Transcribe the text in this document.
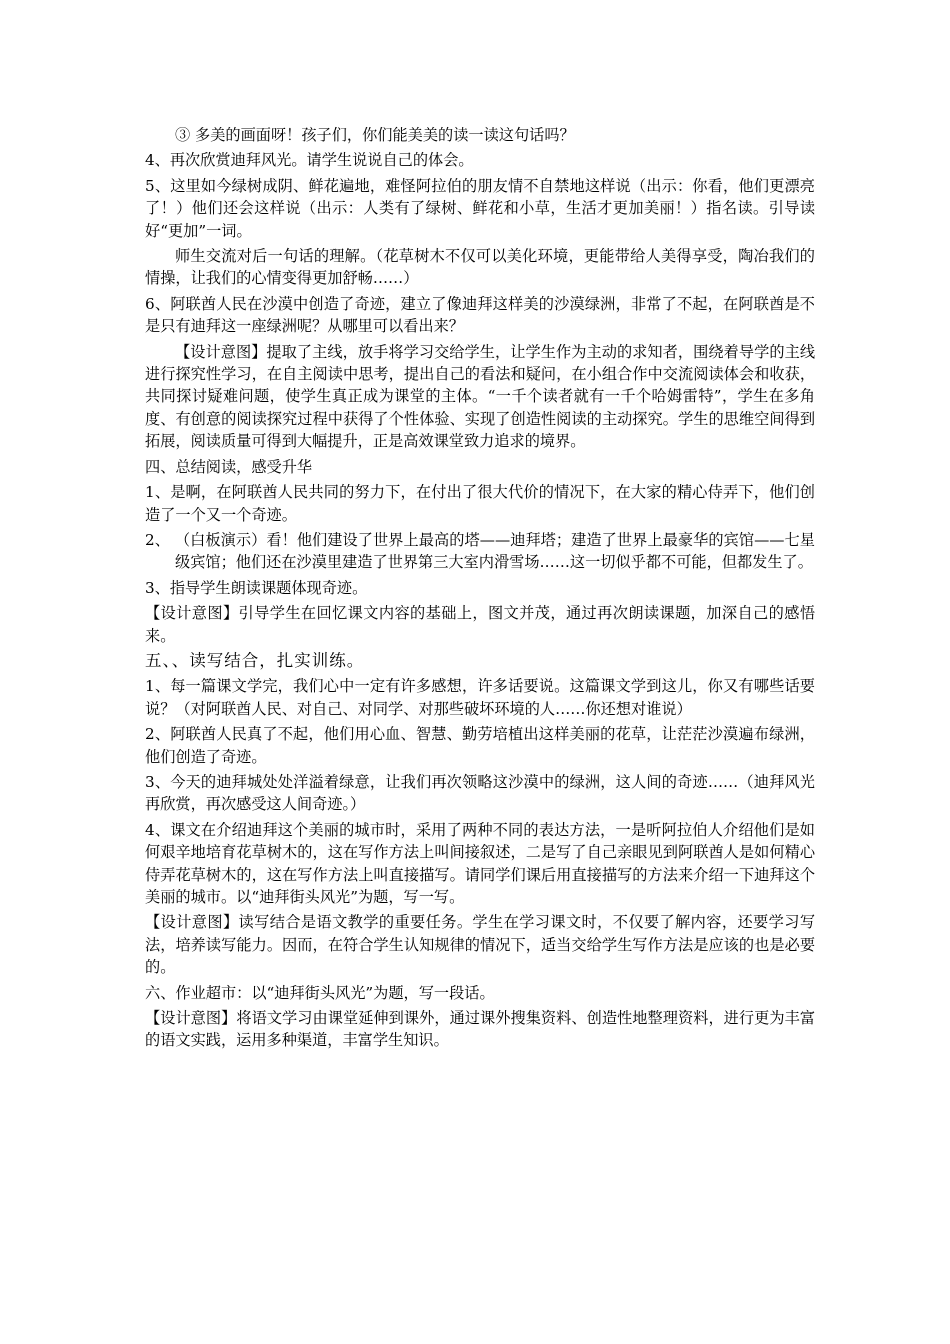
③ 多美的画面呀！孩子们，你们能美美的读一读这句话吗？

4、再次欣赏迪拜风光。请学生说说自己的体会。

5、这里如今绿树成阴、鲜花遍地，难怪阿拉伯的朋友情不自禁地这样说（出示：你看，他们更漂亮了！）他们还会这样说（出示：人类有了绿树、鲜花和小草，生活才更加美丽！）指名读。引导读好“更加”一词。

师生交流对后一句话的理解。（花草树木不仅可以美化环境，更能带给人美得享受，陶冶我们的情操，让我们的心情变得更加舒畅……）

6、阿联酋人民在沙漠中创造了奇迹，建立了像迪拜这样美的沙漠绿洲，非常了不起，在阿联酋是不是只有迪拜这一座绿洲呢？从哪里可以看出来？

【设计意图】提取了主线，放手将学习交给学生，让学生作为主动的求知者，围绕着导学的主线进行探究性学习，在自主阅读中思考，提出自己的看法和疑问，在小组合作中交流阅读体会和收获，共同探讨疑难问题，使学生真正成为课堂的主体。“一千个读者就有一千个哈姆雷特”，学生在多角度、有创意的阅读探究过程中获得了个性体验、实现了创造性阅读的主动探究。学生的思维空间得到拓展，阅读质量可得到大幅提升，正是高效课堂致力追求的境界。

四、总结阅读，感受升华

1、是啊，在阿联酋人民共同的努力下，在付出了很大代价的情况下，在大家的精心侍弄下，他们创造了一个又一个奇迹。

2、 （白板演示）看！他们建设了世界上最高的塔——迪拜塔；建造了世界上最豪华的宾馆——七星级宾馆；他们还在沙漠里建造了世界第三大室内滑雪场……这一切似乎都不可能，但都发生了。

3、指导学生朗读课题体现奇迹。

【设计意图】引导学生在回忆课文内容的基础上，图文并茂，通过再次朗读课题，加深自己的感悟来。

五、、读写结合，扎实训练。

1、每一篇课文学完，我们心中一定有许多感想，许多话要说。这篇课文学到这儿，你又有哪些话要说？（对阿联酋人民、对自己、对同学、对那些破坏环境的人……你还想对谁说）

2、阿联酋人民真了不起，他们用心血、智慧、勤劳培植出这样美丽的花草，让茫茫沙漠遍布绿洲，他们创造了奇迹。

3、今天的迪拜城处处洋溢着绿意，让我们再次领略这沙漠中的绿洲，这人间的奇迹……（迪拜风光再欣赏，再次感受这人间奇迹。）

4、课文在介绍迪拜这个美丽的城市时，采用了两种不同的表达方法，一是听阿拉伯人介绍他们是如何艰辛地培育花草树木的，这在写作方法上叫间接叙述，二是写了自己亲眼见到阿联酋人是如何精心侍弄花草树木的，这在写作方法上叫直接描写。请同学们课后用直接描写的方法来介绍一下迪拜这个美丽的城市。以“迪拜街头风光”为题，写一写。

【设计意图】读写结合是语文教学的重要任务。学生在学习课文时，不仅要了解内容，还要学习写法，培养读写能力。因而，在符合学生认知规律的情况下，适当交给学生写作方法是应该的也是必要的。

六、作业超市：以“迪拜街头风光”为题，写一段话。

【设计意图】将语文学习由课堂延伸到课外，通过课外搜集资料、创造性地整理资料，进行更为丰富的语文实践，运用多种渠道，丰富学生知识。
